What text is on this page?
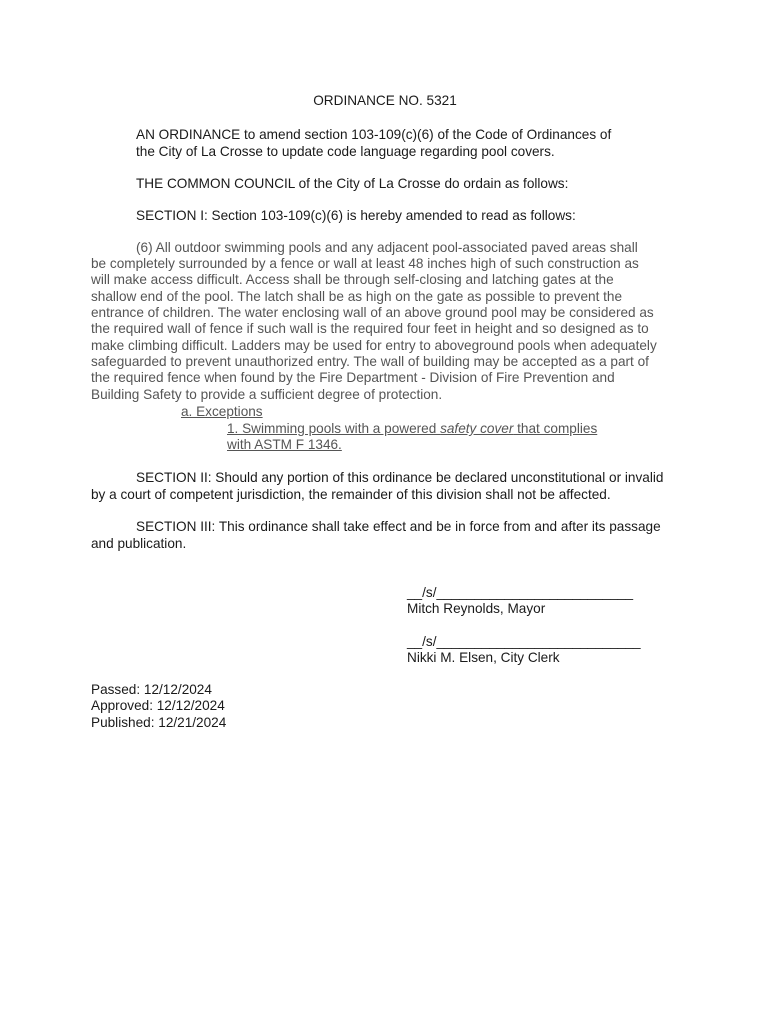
ORDINANCE NO. 5321
AN ORDINANCE to amend section 103-109(c)(6) of the Code of Ordinances of
the City of La Crosse to update code language regarding pool covers.
THE COMMON COUNCIL of the City of La Crosse do ordain as follows:
SECTION I: Section 103-109(c)(6) is hereby amended to read as follows:
(6) All outdoor swimming pools and any adjacent pool-associated paved areas shall
be completely surrounded by a fence or wall at least 48 inches high of such construction as
will make access difficult. Access shall be through self-closing and latching gates at the
shallow end of the pool. The latch shall be as high on the gate as possible to prevent the
entrance of children. The water enclosing wall of an above ground pool may be considered as
the required wall of fence if such wall is the required four feet in height and so designed as to
make climbing difficult. Ladders may be used for entry to aboveground pools when adequately
safeguarded to prevent unauthorized entry. The wall of building may be accepted as a part of
the required fence when found by the Fire Department - Division of Fire Prevention and
Building Safety to provide a sufficient degree of protection.
a. Exceptions
1. Swimming pools with a powered safety cover that complies
with ASTM F 1346.
SECTION II: Should any portion of this ordinance be declared unconstitutional or invalid
by a court of competent jurisdiction, the remainder of this division shall not be affected.
SECTION III: This ordinance shall take effect and be in force from and after its passage
and publication.
__/s/__________________________
Mitch Reynolds, Mayor
__/s/___________________________
Nikki M. Elsen, City Clerk
Passed: 12/12/2024
Approved: 12/12/2024
Published: 12/21/2024
